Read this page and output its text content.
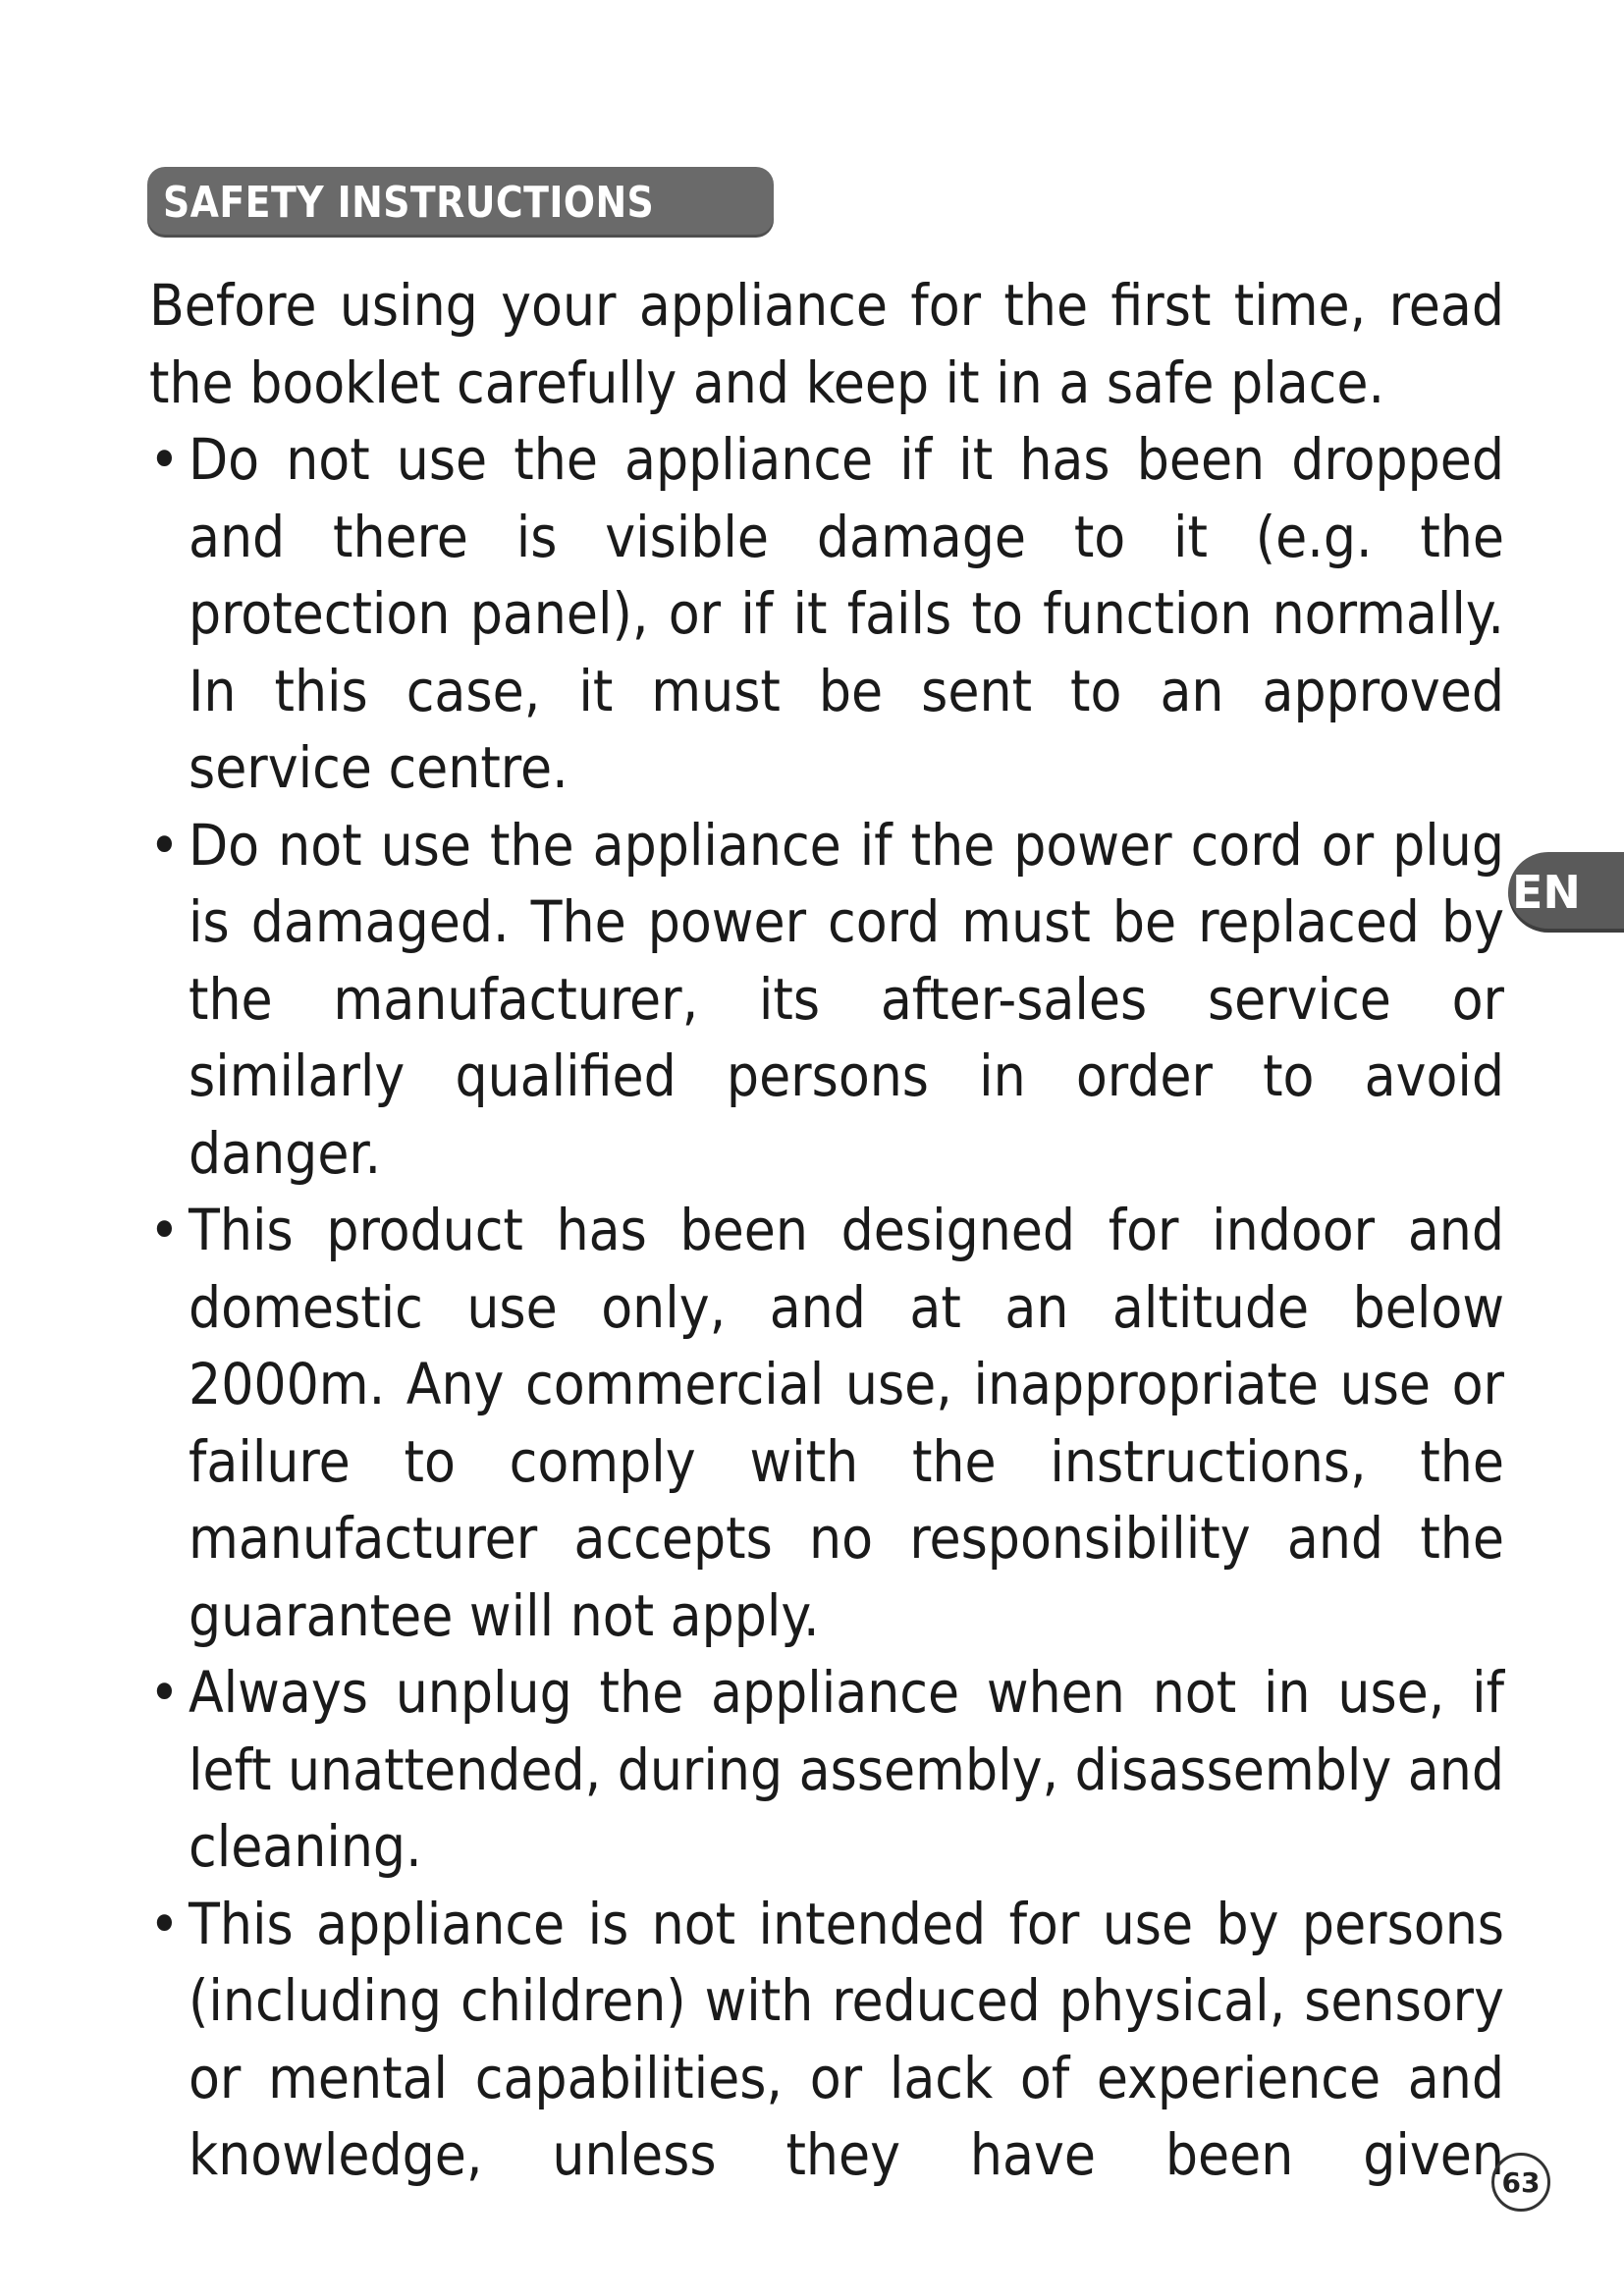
SAFETY INSTRUCTIONS

Before using your appliance for the first time, read the booklet carefully and keep it in a safe place.

• Do not use the appliance if it has been dropped and there is visible damage to it (e.g. the protection panel), or if it fails to function normally. In this case, it must be sent to an approved service centre.
• Do not use the appliance if the power cord or plug is damaged. The power cord must be replaced by the manufacturer, its after-sales service or similarly qualified persons in order to avoid danger.
• This product has been designed for indoor and domestic use only, and at an altitude below 2000m. Any commercial use, inappropriate use or failure to comply with the instructions, the manufacturer accepts no responsibility and the guarantee will not apply.
• Always unplug the appliance when not in use, if left unattended, during assembly, disassembly and cleaning.
• This appliance is not intended for use by persons (including children) with reduced physical, sensory or mental capabilities, or lack of experience and knowledge, unless they have been given
EN
63
